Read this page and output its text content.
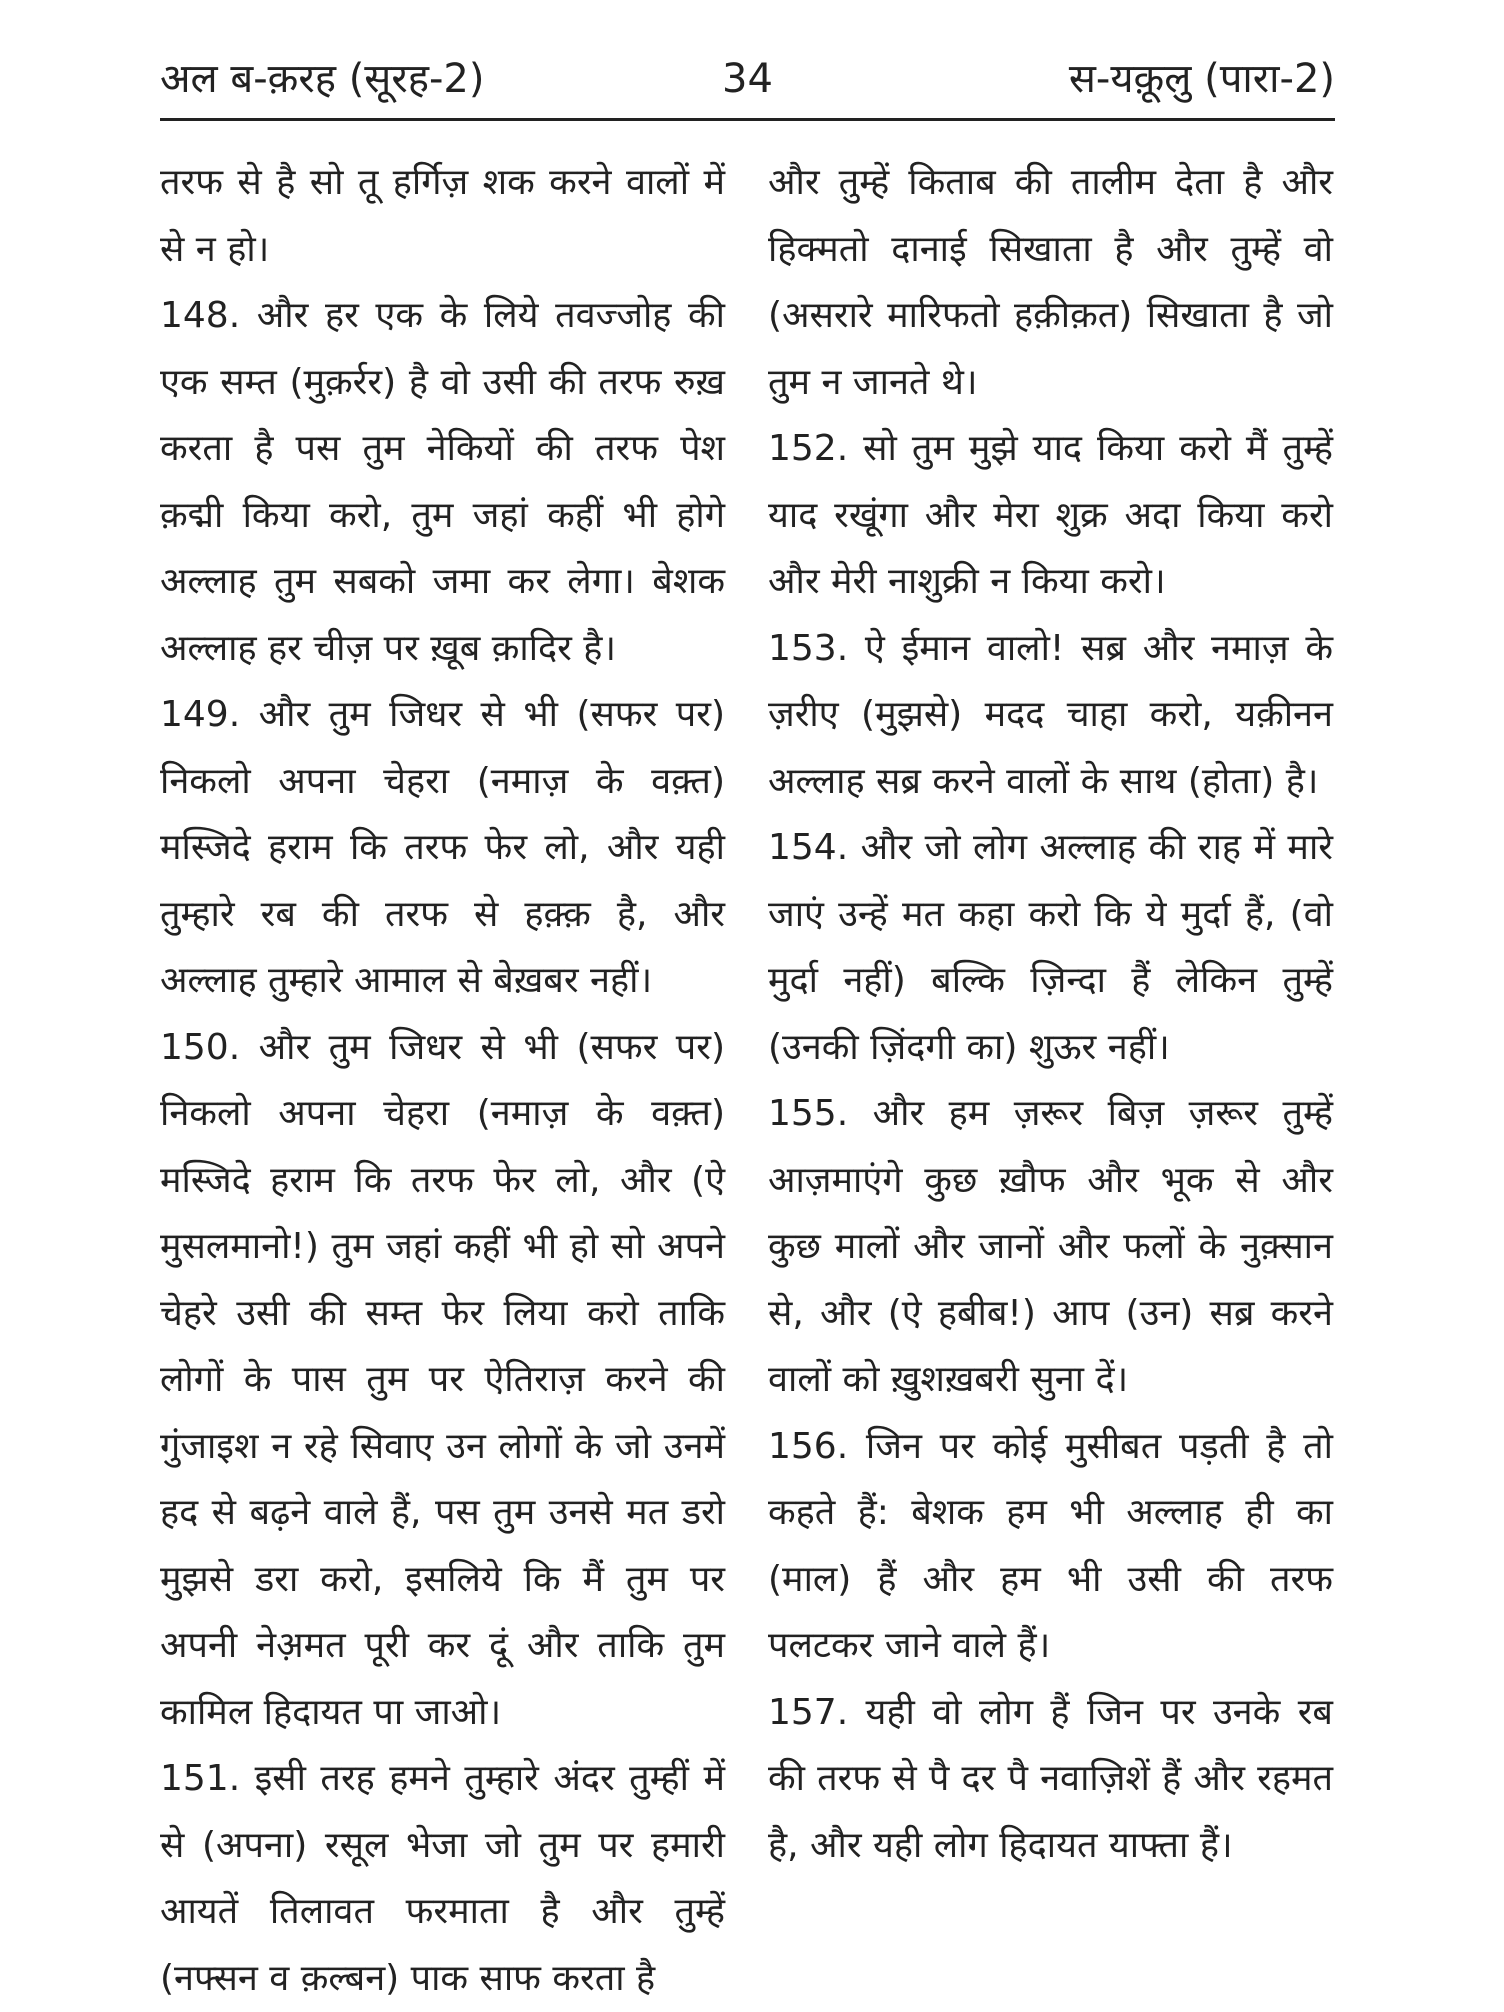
34
अल ब-क़रह (सूरह-2)	स-यक़ूलु (पारा-2)

तरफ से है सो तू हर्गिज़ शक करने वालों में से न हो।

148. और हर एक के लिये तवज्जोह की एक सम्त (मुक़र्रर) है वो उसी की तरफ रुख़ करता है पस तुम नेकियों की तरफ पेश क़द्मी किया करो, तुम जहां कहीं भी होगे अल्लाह तुम सबको जमा कर लेगा। बेशक अल्लाह हर चीज़ पर ख़ूब क़ादिर है।

149. और तुम जिधर से भी (सफर पर) निकलो अपना चेहरा (नमाज़ के वक़्त) मस्जिदे हराम कि तरफ फेर लो, और यही तुम्हारे रब की तरफ से हक़्क़ है, और अल्लाह तुम्हारे आमाल से बेख़बर नहीं।

150. और तुम जिधर से भी (सफर पर) निकलो अपना चेहरा (नमाज़ के वक़्त) मस्जिदे हराम कि तरफ फेर लो, और (ऐ मुसलमानो!) तुम जहां कहीं भी हो सो अपने चेहरे उसी की सम्त फेर लिया करो ताकि लोगों के पास तुम पर ऐतिराज़ करने की गुंजाइश न रहे सिवाए उन लोगों के जो उनमें हद से बढ़ने वाले हैं, पस तुम उनसे मत डरो मुझसे डरा करो, इसलिये कि मैं तुम पर अपनी नेअ़मत पूरी कर दूं और ताकि तुम कामिल हिदायत पा जाओ।

151. इसी तरह हमने तुम्हारे अंदर तुम्हीं में से (अपना) रसूल भेजा जो तुम पर हमारी आयतें तिलावत फरमाता है और तुम्हें (नफ्सन व क़ल्बन) पाक साफ करता है

और तुम्हें किताब की तालीम देता है और हिक्मतो दानाई सिखाता है और तुम्हें वो (असरारे मारिफतो हक़ीक़त) सिखाता है जो तुम न जानते थे।

152. सो तुम मुझे याद किया करो मैं तुम्हें याद रखूंगा और मेरा शुक्र अदा किया करो और मेरी नाशुक्री न किया करो।

153. ऐ ईमान वालो! सब्र और नमाज़ के ज़रीए (मुझसे) मदद चाहा करो, यक़ीनन अल्लाह सब्र करने वालों के साथ (होता) है।

154. और जो लोग अल्लाह की राह में मारे जाएं उन्हें मत कहा करो कि ये मुर्दा हैं, (वो मुर्दा नहीं) बल्कि ज़िन्दा हैं लेकिन तुम्हें (उनकी ज़िंदगी का) शुऊर नहीं।

155. और हम ज़रूर बिज़ ज़रूर तुम्हें आज़माएंगे कुछ ख़ौफ और भूक से और कुछ मालों और जानों और फलों के नुक़्सान से, और (ऐ हबीब!) आप (उन) सब्र करने वालों को ख़ुशख़बरी सुना दें।

156. जिन पर कोई मुसीबत पड़ती है तो कहते हैं: बेशक हम भी अल्लाह ही का (माल) हैं और हम भी उसी की तरफ पलटकर जाने वाले हैं।

157. यही वो लोग हैं जिन पर उनके रब की तरफ से पै दर पै नवाज़िशें हैं और रहमत है, और यही लोग हिदायत याफ्ता हैं।
